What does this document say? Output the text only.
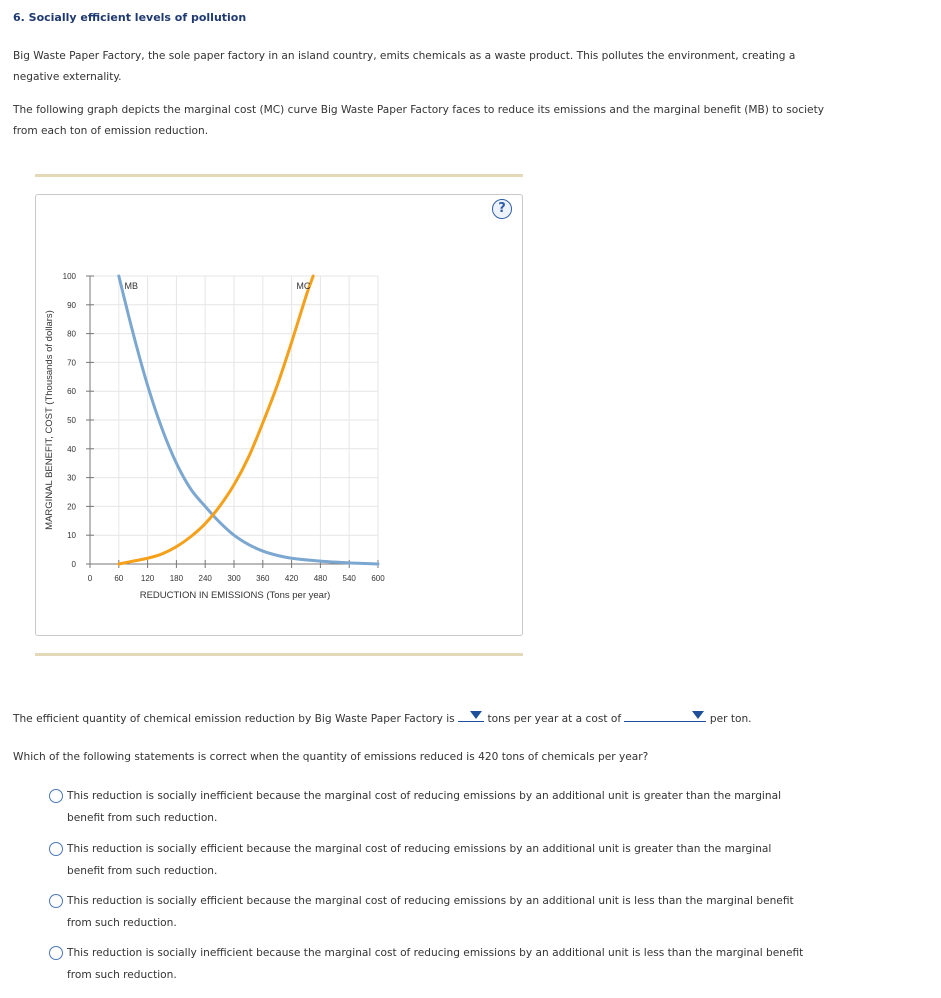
6. Socially efficient levels of pollution
Big Waste Paper Factory, the sole paper factory in an island country, emits chemicals as a waste product. This pollutes the environment, creating a negative externality.
The following graph depicts the marginal cost (MC) curve Big Waste Paper Factory faces to reduce its emissions and the marginal benefit (MB) to society from each ton of emission reduction.
?
0	60 120 180 240 300 360 420 480 540 600
0
10
20
30
40
50
60
70
80
90
100
MB	MC
REDUCTION IN EMISSIONS (Tons per year)
MARGINAL BENEFIT, COST (Thousands of dollars)
The efficient quantity of chemical emission reduction by Big Waste Paper Factory is	tons per year at a cost of	per ton.
Which of the following statements is correct when the quantity of emissions reduced is 420 tons of chemicals per year?
This reduction is socially inefficient because the marginal cost of reducing emissions by an additional unit is greater than the marginal
benefit from such reduction.
This reduction is socially efficient because the marginal cost of reducing emissions by an additional unit is greater than the marginal
benefit from such reduction.
This reduction is socially efficient because the marginal cost of reducing emissions by an additional unit is less than the marginal benefit
from such reduction.
This reduction is socially inefficient because the marginal cost of reducing emissions by an additional unit is less than the marginal benefit
from such reduction.
